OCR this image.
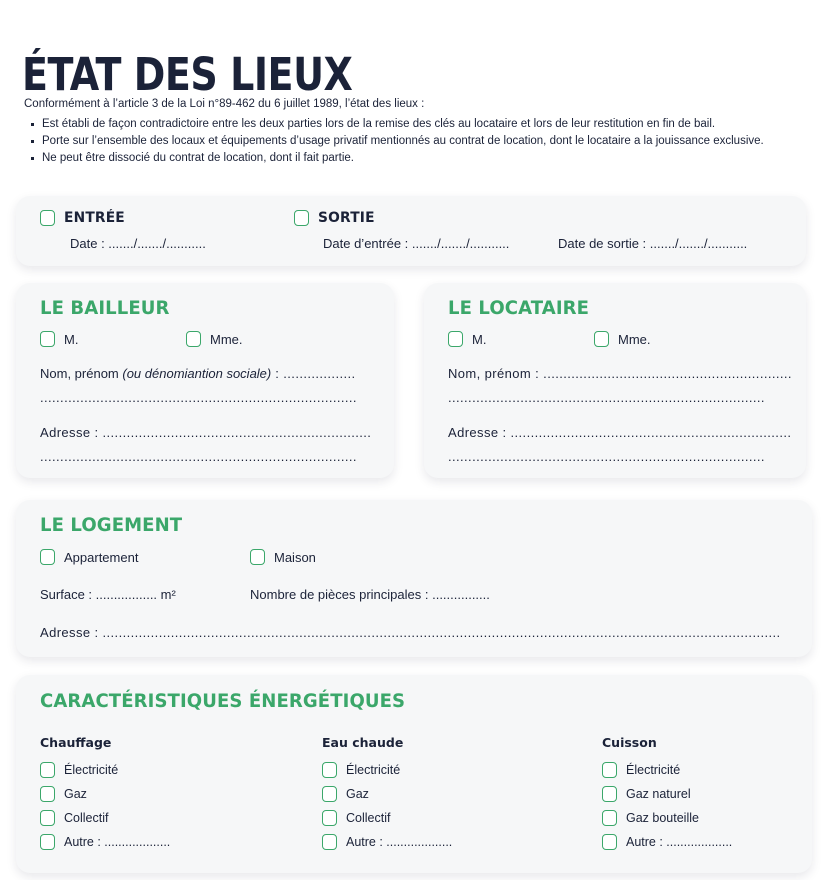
ÉTAT DES LIEUX

Conformément à l’article 3 de la Loi n°89-462 du 6 juillet 1989, l’état des lieux :

Est établi de façon contradictoire entre les deux parties lors de la remise des clés au locataire et lors de leur restitution en fin de bail.
Porte sur l’ensemble des locaux et équipements d’usage privatif mentionnés au contrat de location, dont le locataire a la jouissance exclusive.
Ne peut être dissocié du contrat de location, dont il fait partie.
ENTRÉE	SORTIE
Date : ......./......./...........	Date d’entrée : ......./......./...........	Date de sortie : ......./......./...........
LE BAILLEUR
M.	Mme.
Nom, prénom (ou dénomiantion sociale) : ..................
...............................................................................
Adresse : ...................................................................
...............................................................................
LE LOCATAIRE
M.	Mme.
Nom, prénom : ..............................................................
...............................................................................
Adresse : ......................................................................
...............................................................................
LE LOGEMENT
Appartement	Maison
Surface : ................. m²	Nombre de pièces principales : ................
Adresse : .........................................................................................................................................................................
CARACTÉRISTIQUES ÉNERGÉTIQUES
Chauffage
Électricité
Gaz
Collectif
Autre : ...................
Eau chaude
Électricité
Gaz
Collectif
Autre : ...................
Cuisson
Électricité
Gaz naturel
Gaz bouteille
Autre : ...................
